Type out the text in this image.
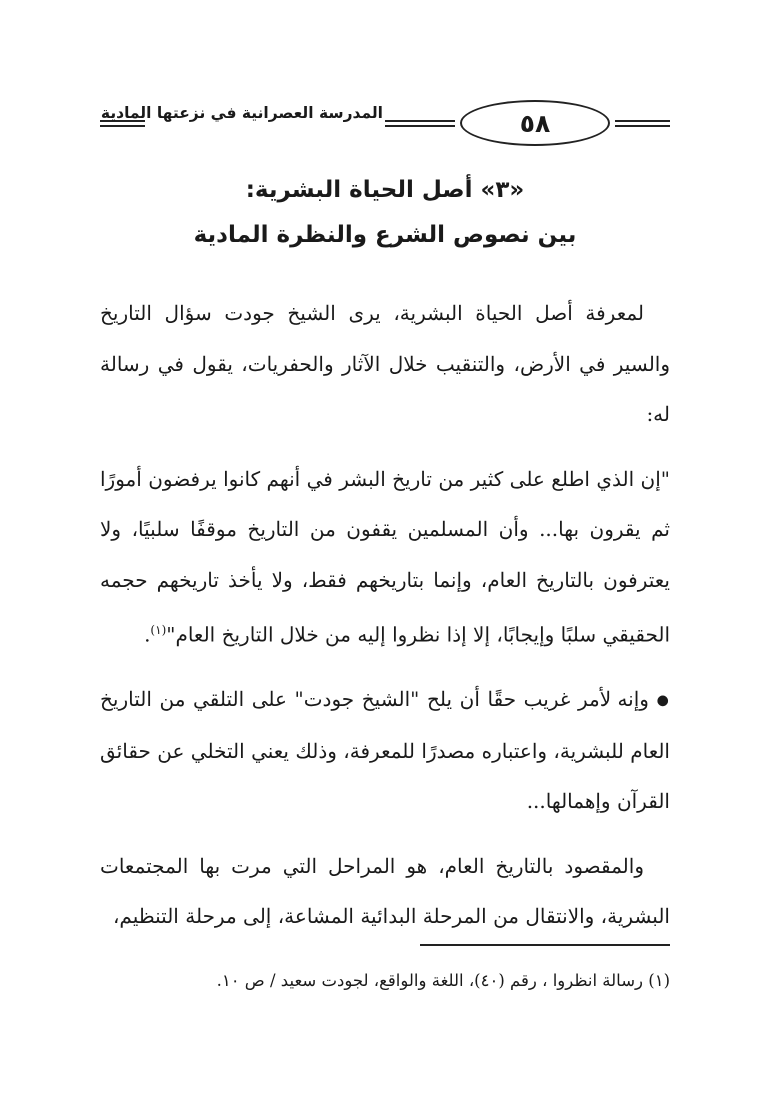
المدرسة العصرانية في نزعتها المادية	٥٨
«٣» أصل الحياة البشرية:
بين نصوص الشرع والنظرة المادية

لمعرفة أصل الحياة البشرية، يرى الشيخ جودت سؤال التاريخ والسير في الأرض، والتنقيب خلال الآثار والحفريات، يقول في رسالة له:

"إن الذي اطلع على كثير من تاريخ البشر في أنهم كانوا يرفضون أمورًا ثم يقرون بها... وأن المسلمين يقفون من التاريخ موقفًا سلبيًا، ولا يعترفون بالتاريخ العام، وإنما بتاريخهم فقط، ولا يأخذ تاريخهم حجمه الحقيقي سلبًا وإيجابًا، إلا إذا نظروا إليه من خلال التاريخ العام"$^{(١)}$.

● وإنه لأمر غريب حقًا أن يلح "الشيخ جودت" على التلقي من التاريخ العام للبشرية، واعتباره مصدرًا للمعرفة، وذلك يعني التخلي عن حقائق القرآن وإهمالها...

والمقصود بالتاريخ العام، هو المراحل التي مرت بها المجتمعات البشرية، والانتقال من المرحلة البدائية المشاعة، إلى مرحلة التنظيم،

(١) رسالة انظروا ، رقم (٤٠)، اللغة والواقع، لجودت سعيد / ص ١٠.
